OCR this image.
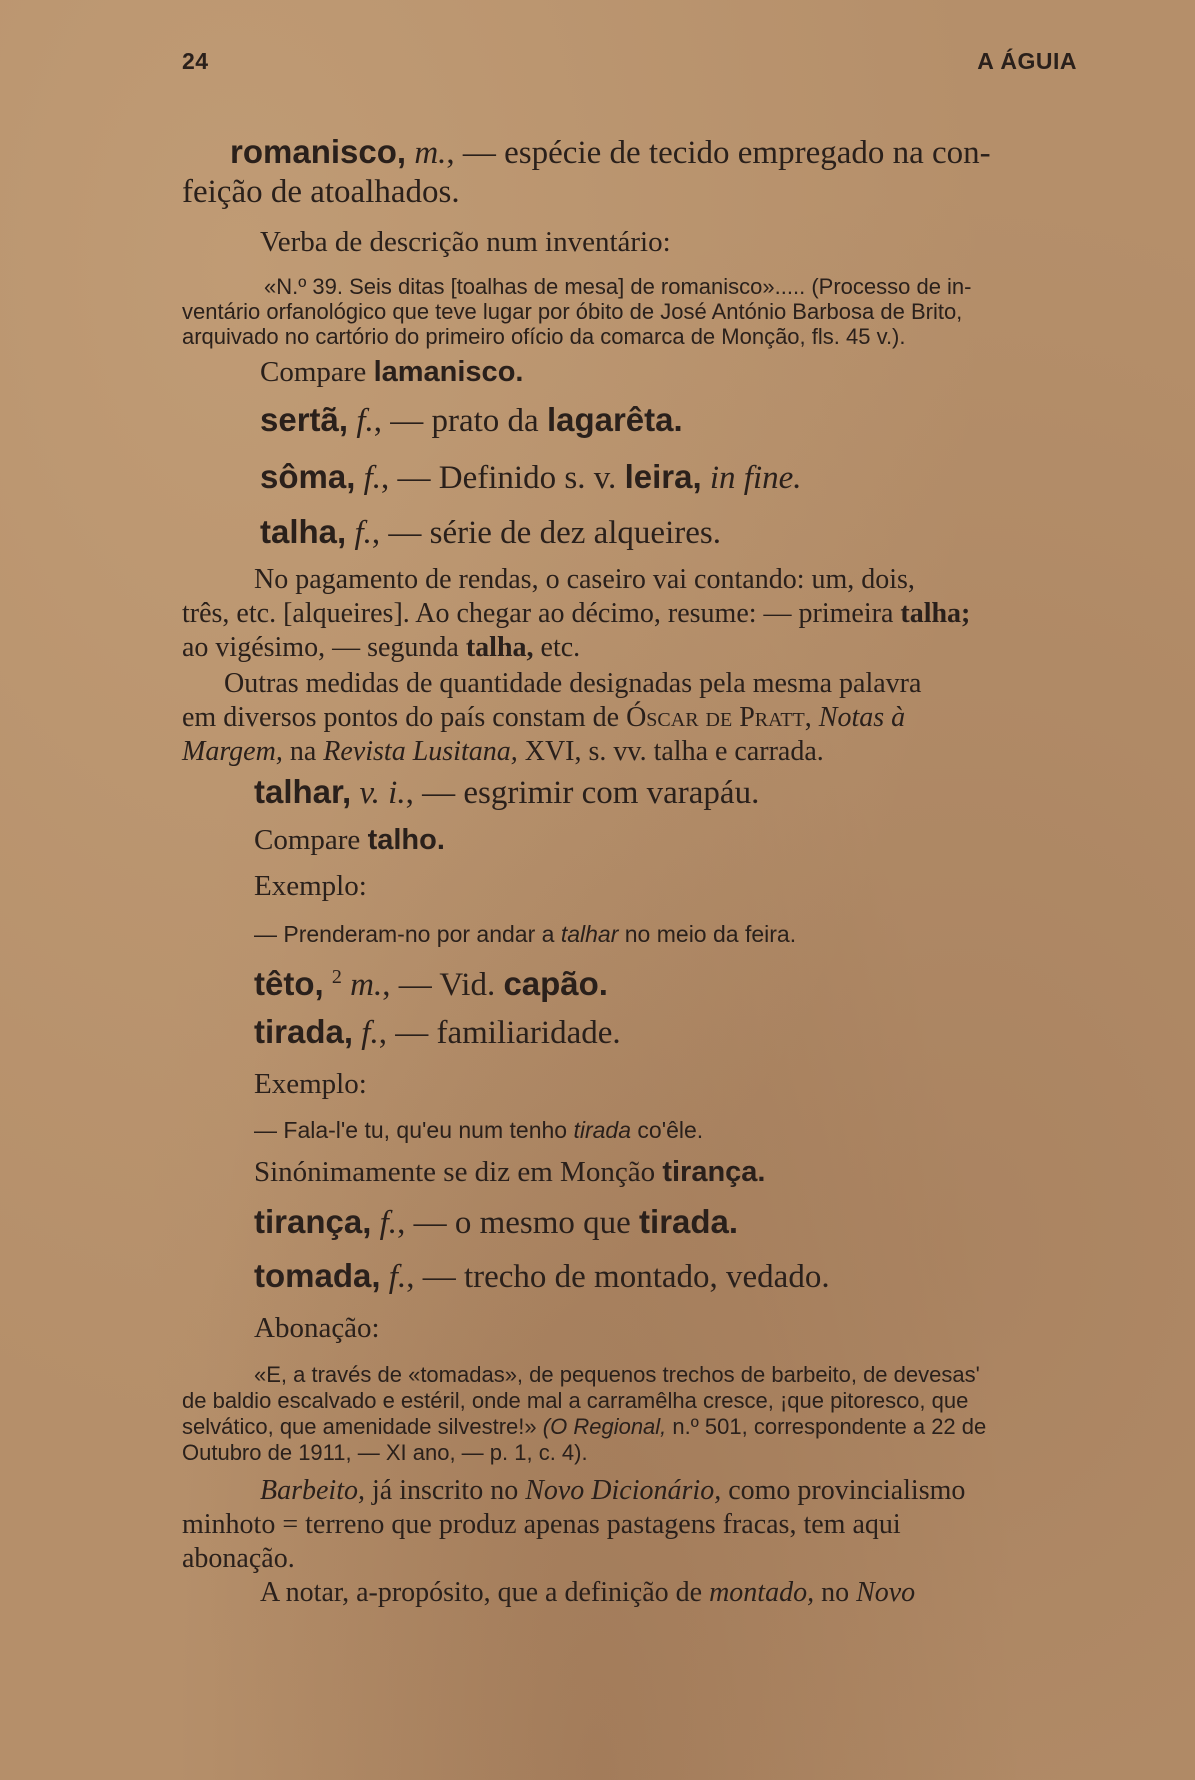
24	A ÁGUIA
romanisco, m., — espécie de tecido empregado na con-
feição de atoalhados.
Verba de descrição num inventário:
«N.º 39. Seis ditas [toalhas de mesa] de romanisco»..... (Processo de in-
ventário orfanológico que teve lugar por óbito de José António Barbosa de Brito,
arquivado no cartório do primeiro ofício da comarca de Monção, fls. 45 v.).
Compare lamanisco.
sertã, f., — prato da lagarêta.
sôma, f., — Definido s. v. leira, in fine.
talha, f., — série de dez alqueires.
No pagamento de rendas, o caseiro vai contando: um, dois,
três, etc. [alqueires]. Ao chegar ao décimo, resume: — primeira talha;
ao vigésimo, — segunda talha, etc.
Outras medidas de quantidade designadas pela mesma palavra
em diversos pontos do país constam de Óscar de Pratt, Notas à
Margem, na Revista Lusitana, XVI, s. vv. talha e carrada.
talhar, v. i., — esgrimir com varapáu.
Compare talho.
Exemplo:
— Prenderam-no por andar a talhar no meio da feira.
têto, $^2$ m., — Vid. capão.
tirada, f., — familiaridade.
Exemplo:
— Fala-l'e tu, qu'eu num tenho tirada co'êle.
Sinónimamente se diz em Monção tirança.
tirança, f., — o mesmo que tirada.
tomada, f., — trecho de montado, vedado.
Abonação:
«E, a través de «tomadas», de pequenos trechos de barbeito, de devesas'
de baldio escalvado e estéril, onde mal a carramêlha cresce, ¡que pitoresco, que
selvático, que amenidade silvestre!» (O Regional, n.º 501, correspondente a 22 de
Outubro de 1911, — XI ano, — p. 1, c. 4).
Barbeito, já inscrito no Novo Dicionário, como provincialismo
minhoto = terreno que produz apenas pastagens fracas, tem aqui
abonação.
A notar, a-propósito, que a definição de montado, no Novo
